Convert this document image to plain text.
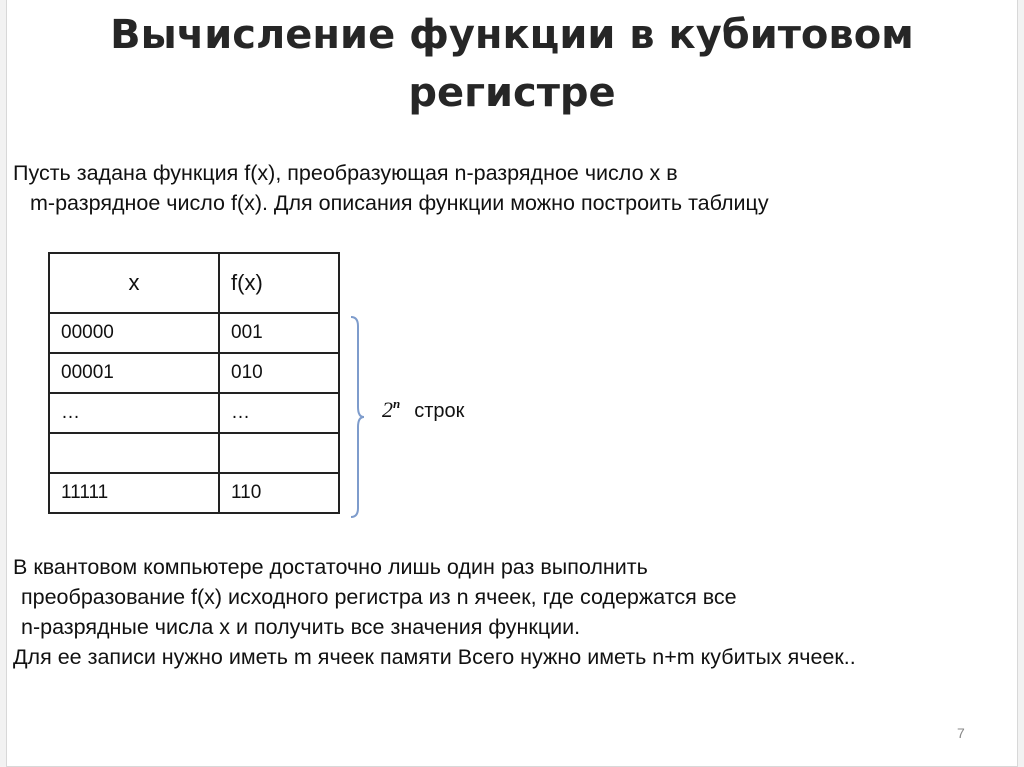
Вычисление функции в кубитовом
регистре
Пусть задана функция f(x), преобразующая n-разрядное число x в
m-разрядное число f(x). Для описания функции можно построить таблицу
x	f(x)
00000	001
00001	010
…	…

11111	110
2$^n$ строк
В квантовом компьютере достаточно лишь один раз выполнить
преобразование f(x) исходного регистра из n ячеек, где содержатся все
n-разрядные числа x и получить все значения функции.
Для ее записи нужно иметь m ячеек памяти Всего нужно иметь n+m кубитых ячеек..
7
